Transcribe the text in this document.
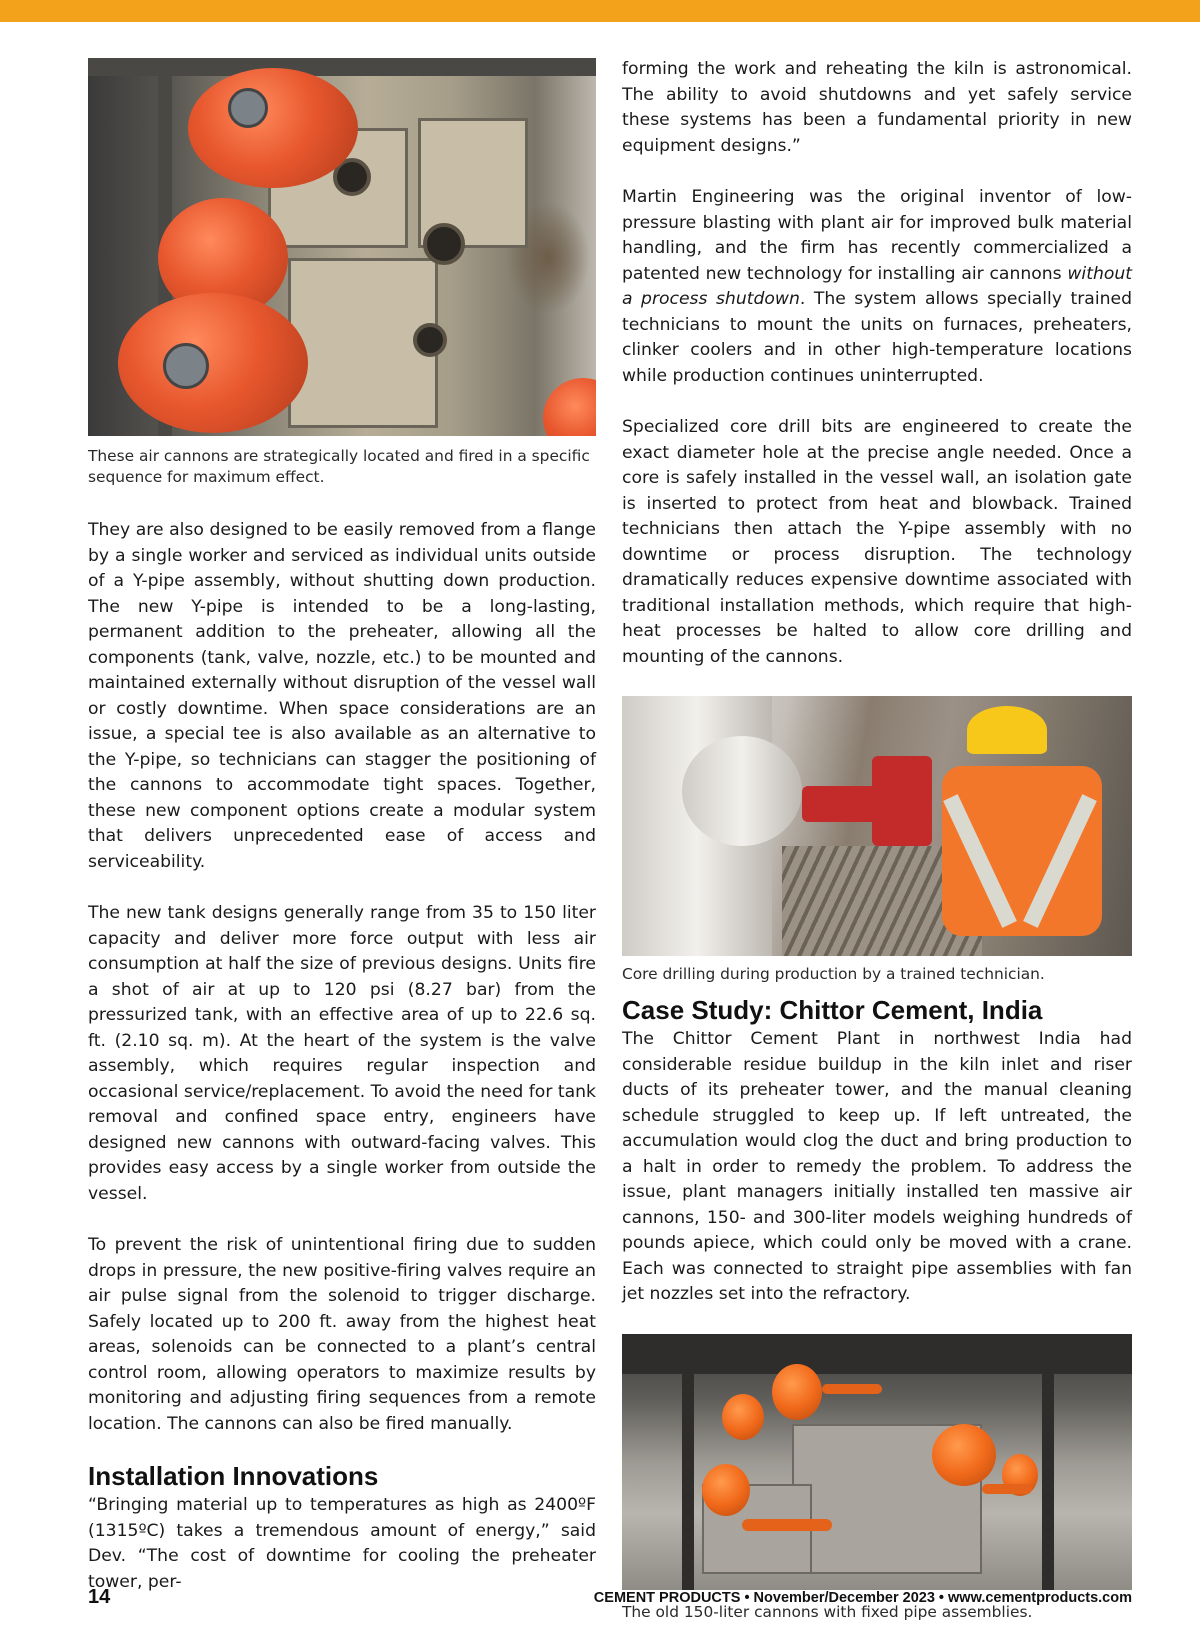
These air cannons are strategically located and fired in a specific sequence for maximum effect.

They are also designed to be easily removed from a flange by a single worker and serviced as individual units outside of a Y-pipe assembly, without shutting down production. The new Y-pipe is intended to be a long-lasting, permanent addition to the preheater, allowing all the components (tank, valve, nozzle, etc.) to be mounted and maintained externally without disruption of the vessel wall or costly downtime. When space considerations are an issue, a special tee is also available as an alternative to the Y-pipe, so technicians can stagger the positioning of the cannons to accommodate tight spaces. Together, these new component options create a modular system that delivers unprecedented ease of access and serviceability.

The new tank designs generally range from 35 to 150 liter capacity and deliver more force output with less air consumption at half the size of previous designs. Units fire a shot of air at up to 120 psi (8.27 bar) from the pressurized tank, with an effective area of up to 22.6 sq. ft. (2.10 sq. m). At the heart of the system is the valve assembly, which requires regular inspection and occasional service/replacement. To avoid the need for tank removal and confined space entry, engineers have designed new cannons with outward-facing valves. This provides easy access by a single worker from outside the vessel.

To prevent the risk of unintentional firing due to sudden drops in pressure, the new positive-firing valves require an air pulse signal from the solenoid to trigger discharge. Safely located up to 200 ft. away from the highest heat areas, solenoids can be connected to a plant’s central control room, allowing operators to maximize results by monitoring and adjusting firing sequences from a remote location. The cannons can also be fired manually.

Installation Innovations

“Bringing material up to temperatures as high as 2400ºF (1315ºC) takes a tremendous amount of energy,” said Dev. “The cost of downtime for cooling the preheater tower, per-

forming the work and reheating the kiln is astronomical. The ability to avoid shutdowns and yet safely service these systems has been a fundamental priority in new equipment designs.”

Martin Engineering was the original inventor of low-pressure blasting with plant air for improved bulk material handling, and the firm has recently commercialized a patented new technology for installing air cannons without a process shutdown. The system allows specially trained technicians to mount the units on furnaces, preheaters, clinker coolers and in other high-temperature locations while production continues uninterrupted.

Specialized core drill bits are engineered to create the exact diameter hole at the precise angle needed. Once a core is safely installed in the vessel wall, an isolation gate is inserted to protect from heat and blowback. Trained technicians then attach the Y-pipe assembly with no downtime or process disruption. The technology dramatically reduces expensive downtime associated with traditional installation methods, which require that high-heat processes be halted to allow core drilling and mounting of the cannons.

Core drilling during production by a trained technician.
Case Study: Chittor Cement, India

The Chittor Cement Plant in northwest India had considerable residue buildup in the kiln inlet and riser ducts of its preheater tower, and the manual cleaning schedule struggled to keep up. If left untreated, the accumulation would clog the duct and bring production to a halt in order to remedy the problem. To address the issue, plant managers initially installed ten massive air cannons, 150- and 300-liter models weighing hundreds of pounds apiece, which could only be moved with a crane. Each was connected to straight pipe assemblies with fan jet nozzles set into the refractory.

The old 150-liter cannons with fixed pipe assemblies.
14	CEMENT PRODUCTS • November/December 2023 • www.cementproducts.com
